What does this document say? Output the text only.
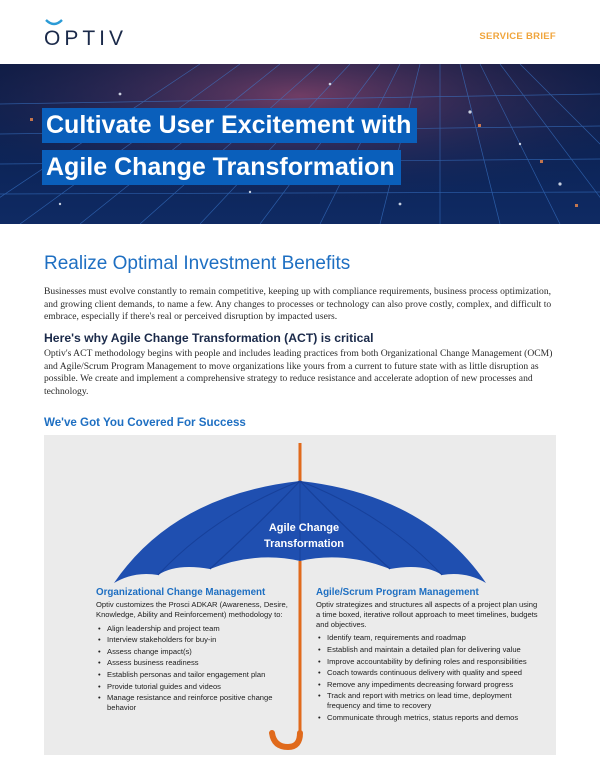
OPTIV	SERVICE BRIEF
Cultivate User Excitement with
Agile Change Transformation
Realize Optimal Investment Benefits

Businesses must evolve constantly to remain competitive, keeping up with compliance requirements, business process optimization, and growing client demands, to name a few. Any changes to processes or technology can also prove costly, complex, and difficult to embrace, especially if there's real or perceived disruption by impacted users.

Here's why Agile Change Transformation (ACT) is critical

Optiv's ACT methodology begins with people and includes leading practices from both Organizational Change Management (OCM) and Agile/Scrum Program Management to move organizations like yours from a current to future state with as little disruption as possible. We create and implement a comprehensive strategy to reduce resistance and accelerate adoption of new processes and technology.

We've Got You Covered For Success
Agile Change
Transformation
Organizational Change Management

Optiv customizes the Prosci ADKAR (Awareness, Desire, Knowledge, Ability and Reinforcement) methodology to:

• Align leadership and project team
• Interview stakeholders for buy-in
• Assess change impact(s)
• Assess business readiness
• Establish personas and tailor engagement plan
• Provide tutorial guides and videos
• Manage resistance and reinforce positive change behavior
Agile/Scrum Program Management

Optiv strategizes and structures all aspects of a project plan using a time boxed, iterative rollout approach to meet timelines, budgets and objectives.

• Identify team, requirements and roadmap
• Establish and maintain a detailed plan for delivering value
• Improve accountability by defining roles and responsibilities
• Coach towards continuous delivery with quality and speed
• Remove any impediments decreasing forward progress
• Track and report with metrics on lead time, deployment frequency and time to recovery
• Communicate through metrics, status reports and demos
